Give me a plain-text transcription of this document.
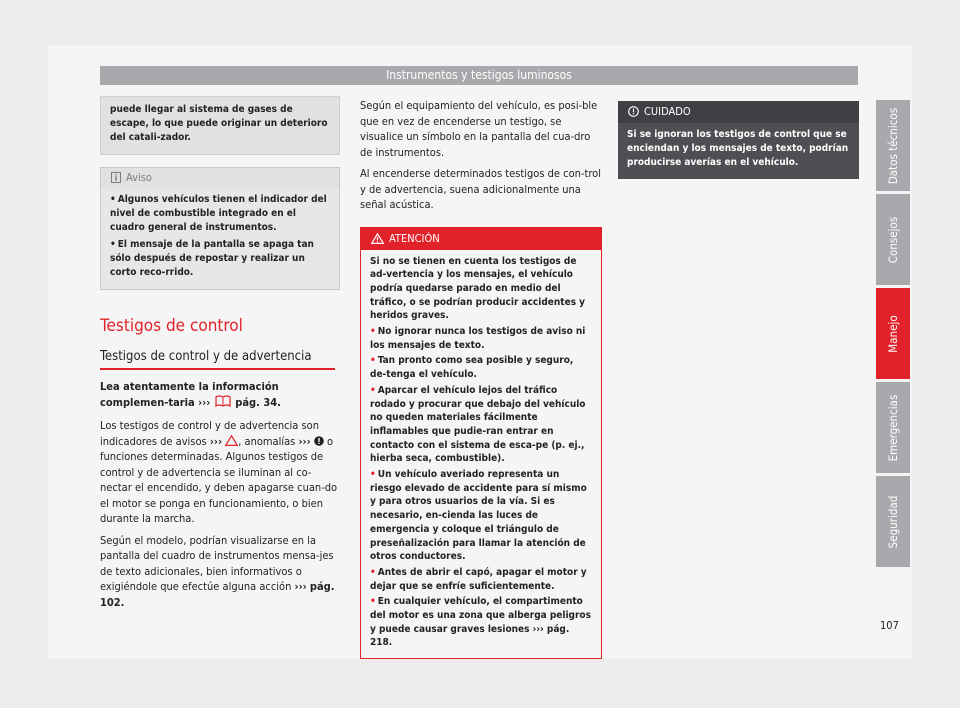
Instrumentos y testigos luminosos
puede llegar al sistema de gases de escape, lo que puede originar un deterioro del catali-zador.
Aviso
• Algunos vehículos tienen el indicador del nivel de combustible integrado en el cuadro general de instrumentos.
• El mensaje de la pantalla se apaga tan sólo después de repostar y realizar un corto reco-rrido.
Testigos de control
Testigos de control y de advertencia

Lea atentamente la información complemen-taria ››› pág. 34.

Los testigos de control y de advertencia son indicadores de avisos ››› , anomalías ››› o funciones determinadas. Algunos testigos de control y de advertencia se iluminan al co-nectar el encendido, y deben apagarse cuan-do el motor se ponga en funcionamiento, o bien durante la marcha.

Según el modelo, podrían visualizarse en la pantalla del cuadro de instrumentos mensa-jes de texto adicionales, bien informativos o exigiéndole que efectúe alguna acción ››› pág. 102.

Según el equipamiento del vehículo, es posi-ble que en vez de encenderse un testigo, se visualice un símbolo en la pantalla del cua-dro de instrumentos.

Al encenderse determinados testigos de con-trol y de advertencia, suena adicionalmente una señal acústica.

ATENCIÓN
Si no se tienen en cuenta los testigos de ad-vertencia y los mensajes, el vehículo podría quedarse parado en medio del tráfico, o se podrían producir accidentes y heridos graves.
• No ignorar nunca los testigos de aviso ni los mensajes de texto.
• Tan pronto como sea posible y seguro, de-tenga el vehículo.
• Aparcar el vehículo lejos del tráfico rodado y procurar que debajo del vehículo no queden materiales fácilmente inflamables que pudie-ran entrar en contacto con el sistema de esca-pe (p. ej., hierba seca, combustible).
• Un vehículo averiado representa un riesgo elevado de accidente para sí mismo y para otros usuarios de la vía. Si es necesario, en-cienda las luces de emergencia y coloque el triángulo de preseñalización para llamar la atención de otros conductores.
• Antes de abrir el capó, apagar el motor y dejar que se enfríe suficientemente.
• En cualquier vehículo, el compartimento del motor es una zona que alberga peligros y puede causar graves lesiones ››› pág. 218.
CUIDADO
Si se ignoran los testigos de control que se enciendan y los mensajes de texto, podrían producirse averías en el vehículo.	Datos técnicos
Consejos
Manejo
Emergencias
Seguridad
107
